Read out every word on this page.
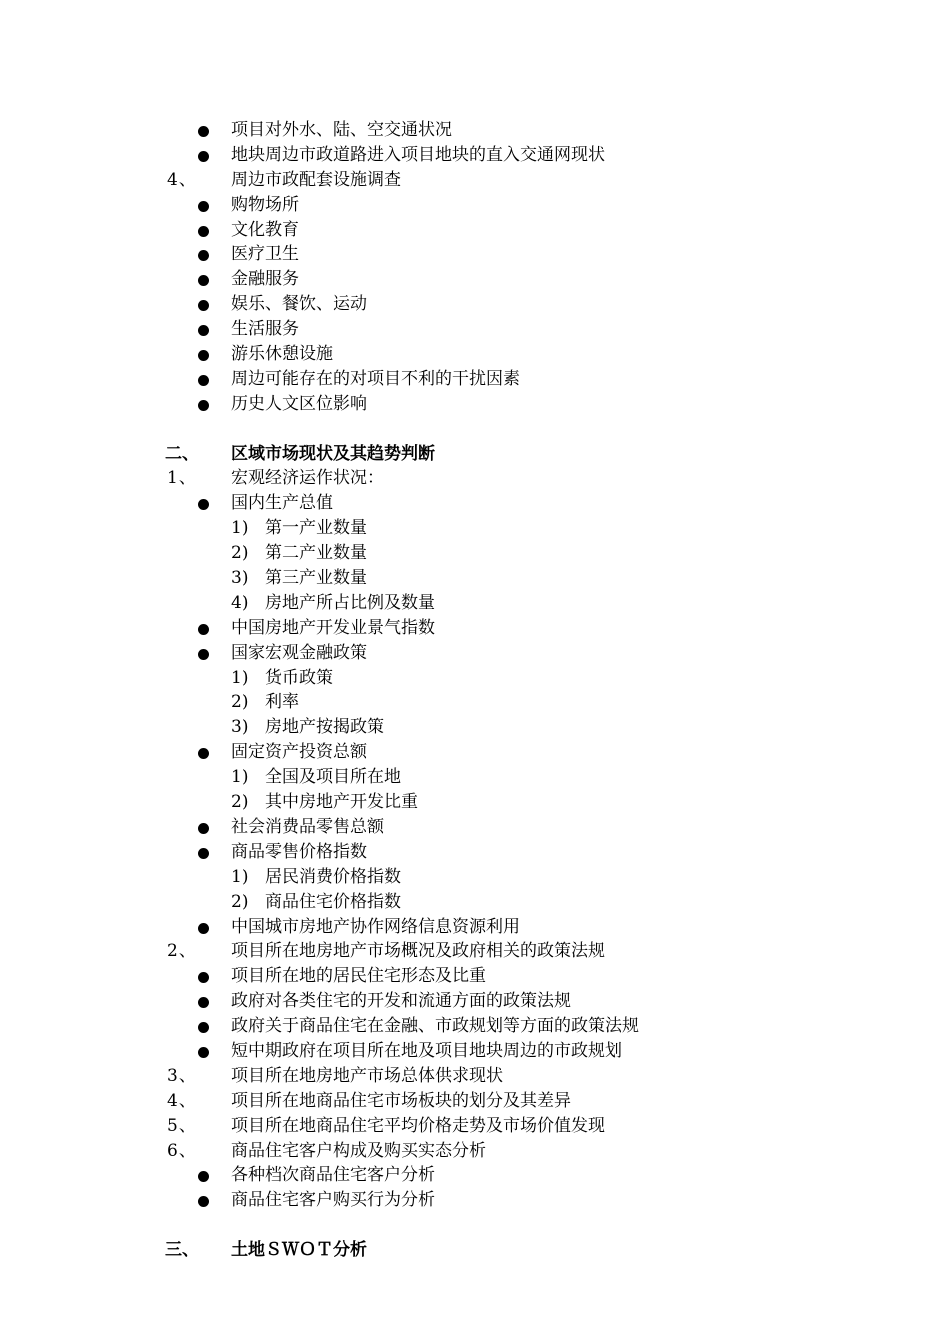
项目对外水、陆、空交通状况
地块周边市政道路进入项目地块的直入交通网现状
4、 周边市政配套设施调查
购物场所
文化教育
医疗卫生
金融服务
娱乐、餐饮、运动
生活服务
游乐休憩设施
周边可能存在的对项目不利的干扰因素
历史人文区位影响
二、 区域市场现状及其趋势判断
1、 宏观经济运作状况：
国内生产总值
1) 第一产业数量
2) 第二产业数量
3) 第三产业数量
4) 房地产所占比例及数量
中国房地产开发业景气指数
国家宏观金融政策
1) 货币政策
2) 利率
3) 房地产按揭政策
固定资产投资总额
1) 全国及项目所在地
2) 其中房地产开发比重
社会消费品零售总额
商品零售价格指数
1) 居民消费价格指数
2) 商品住宅价格指数
中国城市房地产协作网络信息资源利用
2、 项目所在地房地产市场概况及政府相关的政策法规
项目所在地的居民住宅形态及比重
政府对各类住宅的开发和流通方面的政策法规
政府关于商品住宅在金融、市政规划等方面的政策法规
短中期政府在项目所在地及项目地块周边的市政规划
3、 项目所在地房地产市场总体供求现状
4、 项目所在地商品住宅市场板块的划分及其差异
5、 项目所在地商品住宅平均价格走势及市场价值发现
6、 商品住宅客户构成及购买实态分析
各种档次商品住宅客户分析
商品住宅客户购买行为分析
三、 土地ＳＷＯＴ分析
